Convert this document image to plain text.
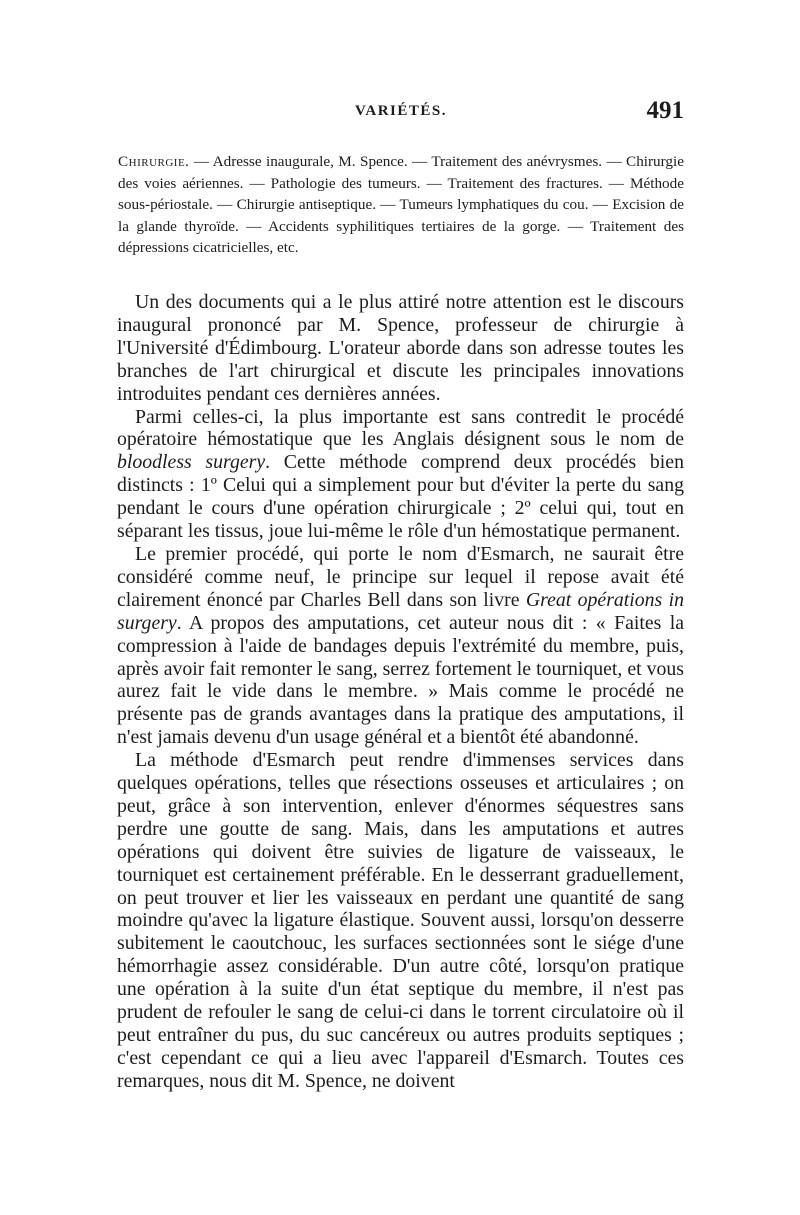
VARIÉTÉS.	491
Chirurgie. — Adresse inaugurale, M. Spence. — Traitement des anévrysmes. — Chirurgie des voies aériennes. — Pathologie des tumeurs. — Traitement des fractures. — Méthode sous-périostale. — Chirurgie antiseptique. — Tumeurs lymphatiques du cou. — Excision de la glande thyroïde. — Accidents syphilitiques tertiaires de la gorge. — Traitement des dépressions cicatricielles, etc.

Un des documents qui a le plus attiré notre attention est le discours inaugural prononcé par M. Spence, professeur de chirurgie à l'Université d'Édimbourg. L'orateur aborde dans son adresse toutes les branches de l'art chirurgical et discute les principales innovations introduites pendant ces dernières années.

Parmi celles-ci, la plus importante est sans contredit le procédé opératoire hémostatique que les Anglais désignent sous le nom de bloodless surgery. Cette méthode comprend deux procédés bien distincts : 1º Celui qui a simplement pour but d'éviter la perte du sang pendant le cours d'une opération chirurgicale ; 2º celui qui, tout en séparant les tissus, joue lui-même le rôle d'un hémostatique permanent.

Le premier procédé, qui porte le nom d'Esmarch, ne saurait être considéré comme neuf, le principe sur lequel il repose avait été clairement énoncé par Charles Bell dans son livre Great opérations in surgery. A propos des amputations, cet auteur nous dit : « Faites la compression à l'aide de bandages depuis l'extrémité du membre, puis, après avoir fait remonter le sang, serrez fortement le tourniquet, et vous aurez fait le vide dans le membre. » Mais comme le procédé ne présente pas de grands avantages dans la pratique des amputations, il n'est jamais devenu d'un usage général et a bientôt été abandonné.

La méthode d'Esmarch peut rendre d'immenses services dans quelques opérations, telles que résections osseuses et articulaires ; on peut, grâce à son intervention, enlever d'énormes séquestres sans perdre une goutte de sang. Mais, dans les amputations et autres opérations qui doivent être suivies de ligature de vaisseaux, le tourniquet est certainement préférable. En le desserrant graduellement, on peut trouver et lier les vaisseaux en perdant une quantité de sang moindre qu'avec la ligature élastique. Souvent aussi, lorsqu'on desserre subitement le caoutchouc, les surfaces sectionnées sont le siége d'une hémorrhagie assez considérable. D'un autre côté, lorsqu'on pratique une opération à la suite d'un état septique du membre, il n'est pas prudent de refouler le sang de celui-ci dans le torrent circulatoire où il peut entraîner du pus, du suc cancéreux ou autres produits septiques ; c'est cependant ce qui a lieu avec l'appareil d'Esmarch. Toutes ces remarques, nous dit M. Spence, ne doivent
